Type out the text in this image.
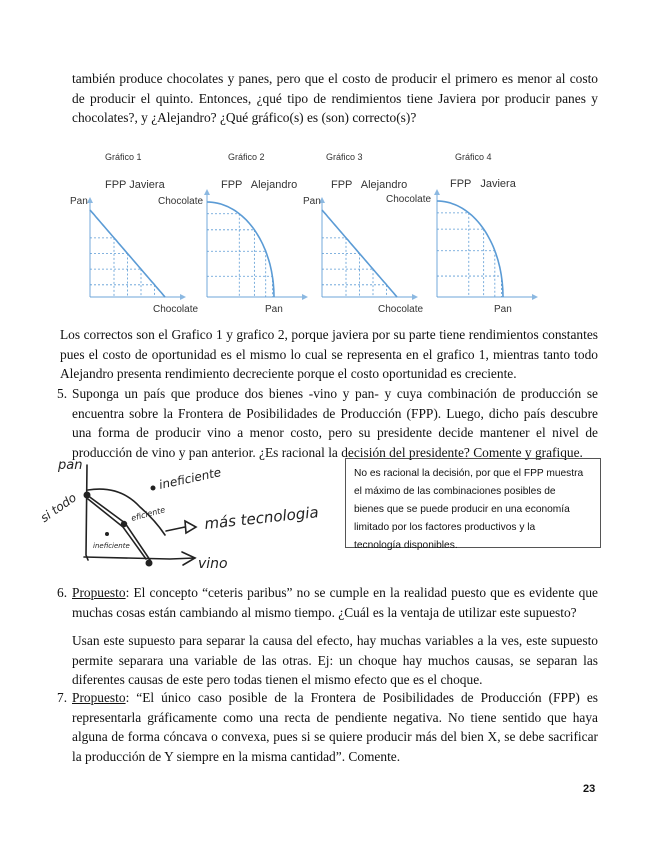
también produce chocolates y panes, pero que el costo de producir el primero es menor al costo
de producir el quinto. Entonces, ¿qué tipo de rendimientos tiene Javiera por producir panes y
chocolates?, y ¿Alejandro? ¿Qué gráfico(s) es (son) correcto(s)?
Gráfico 1
FPP Javiera
Pan
Chocolate
Gráfico 2
FPP   Alejandro
Chocolate
Pan
Gráfico 3
FPP   Alejandro
Pan
Chocolate
Gráfico 4
FPP   Javiera
Chocolate
Pan
Los correctos son el Grafico 1 y grafico 2, porque javiera por su parte tiene rendimientos constantes
pues el costo de oportunidad es el mismo lo cual se representa en el grafico 1, mientras tanto todo
Alejandro presenta rendimiento decreciente porque el costo oportunidad es creciente.
5. Suponga un país que produce dos bienes -vino y pan- y cuya combinación de producción se
encuentra sobre la Frontera de Posibilidades de Producción (FPP). Luego, dicho país descubre
una forma de producir vino a menor costo, pero su presidente decide mantener el nivel de
producción de vino y pan anterior. ¿Es racional la decisión del presidente? Comente y grafique.
pan
si todo
ineficiente
eficiente
ineficiente
más tecnologia
vino
No es racional la decisión, por que el FPP muestra
el máximo de las combinaciones posibles de
bienes que se puede producir en una economía
limitado por los factores productivos y la
tecnología disponibles.
6. Propuesto: El concepto “ceteris paribus” no se cumple en la realidad puesto que es evidente que
muchas cosas están cambiando al mismo tiempo. ¿Cuál es la ventaja de utilizar este supuesto?
Usan este supuesto para separar la causa del efecto, hay muchas variables a la ves, este supuesto
permite separara una variable de las otras. Ej: un choque hay muchos causas, se separan las
diferentes causas de este pero todas tienen el mismo efecto que es el choque.
7. Propuesto: “El único caso posible de la Frontera de Posibilidades de Producción (FPP) es
representarla gráficamente como una recta de pendiente negativa. No tiene sentido que haya
alguna de forma cóncava o convexa, pues si se quiere producir más del bien X, se debe sacrificar
la producción de Y siempre en la misma cantidad”. Comente.
23
